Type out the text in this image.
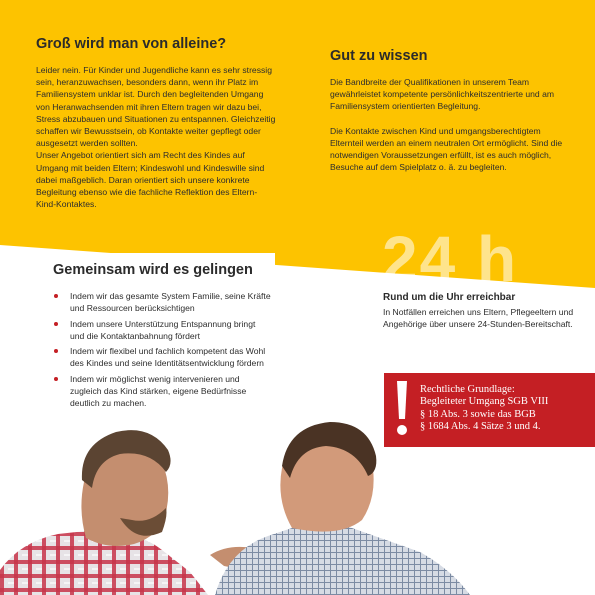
Groß wird man von alleine?

Leider nein. Für Kinder und Jugendliche kann es sehr stressig sein, heranzuwachsen, besonders dann, wenn ihr Platz im Familiensystem unklar ist. Durch den begleitenden Umgang von Heranwachsenden mit ihren Eltern tragen wir dazu bei, Stress abzubauen und Situationen zu entspannen. Gleichzeitig schaffen wir Bewusstsein, ob Kontakte weiter gepflegt oder ausgesetzt werden sollten.

Unser Angebot orientiert sich am Recht des Kindes auf Umgang mit beiden Eltern; Kindeswohl und Kindeswille sind dabei maßgeblich. Daran orientiert sich unsere konkrete Begleitung ebenso wie die fachliche Reflektion des Eltern-Kind-Kontaktes.

Gut zu wissen

Die Bandbreite der Qualifikationen in unserem Team gewährleistet kompetente persönlichkeitszentrierte und am Familiensystem orientierten Begleitung.

Die Kontakte zwischen Kind und umgangsberechtigtem Elternteil werden an einem neutralen Ort ermöglicht. Sind die notwendigen Voraussetzungen erfüllt, ist es auch möglich, Besuche auf dem Spielplatz o. ä. zu begleiten.

24 h
Gemeinsam wird es gelingen
Indem wir das gesamte System Familie, seine Kräfte und Ressourcen berücksichtigen
Indem unsere Unterstützung Entspannung bringt und die Kontaktanbahnung fördert
Indem wir flexibel und fachlich kompetent das Wohl des Kindes und seine Identitätsentwicklung fördern
Indem wir möglichst wenig intervenieren und zugleich das Kind stärken, eigene Bedürfnisse deutlich zu machen.
Rund um die Uhr erreichbar

In Notfällen erreichen uns Eltern, Pflegeeltern und Angehörige über unsere 24-Stunden-Bereitschaft.

Rechtliche Grundlage:
Begleiteter Umgang SGB VIII
§ 18 Abs. 3 sowie das BGB
§ 1684 Abs. 4 Sätze 3 und 4.
